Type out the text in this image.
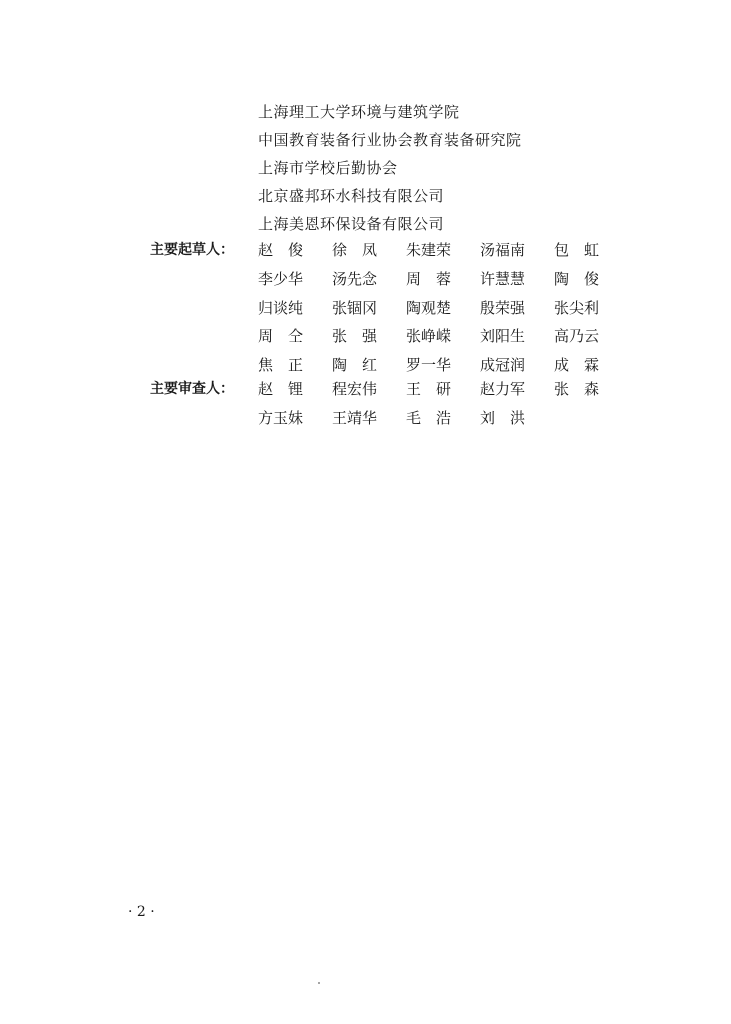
上海理工大学环境与建筑学院
中国教育装备行业协会教育装备研究院
上海市学校后勤协会
北京盛邦环水科技有限公司
上海美恩环保设备有限公司
主要起草人： 赵　俊	徐　凤	朱建荣	汤福南	包　虹
李少华	汤先念	周　蓉	许慧慧	陶　俊
归谈纯	张锢冈	陶观楚	殷荣强	张尖利
周　仝	张　强	张峥嵘	刘阳生	高乃云
焦　正	陶　红	罗一华	成冠润	成　霖
主要审查人： 赵　锂	程宏伟	王　研	赵力军	张　森
方玉妹	王靖华	毛　浩	刘　洪
· 2 ·
